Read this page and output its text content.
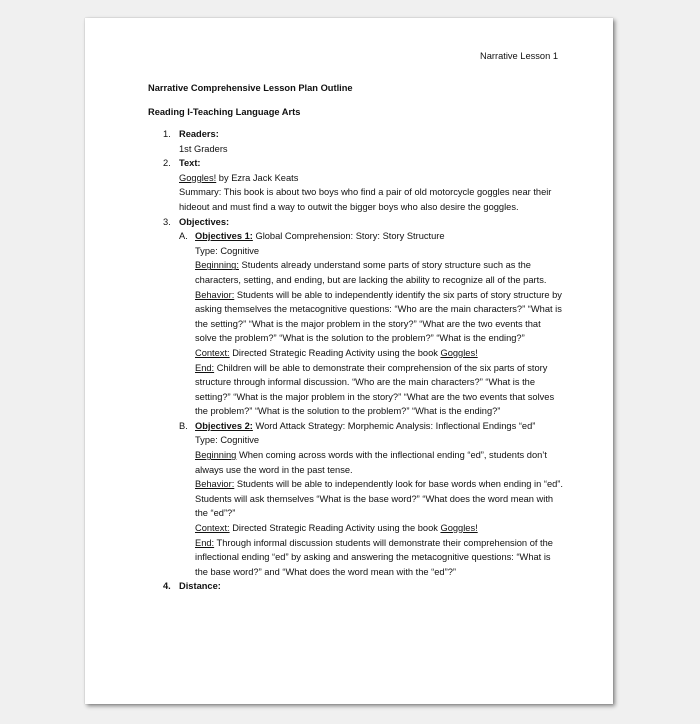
Narrative Lesson 1
Narrative Comprehensive Lesson Plan Outline
Reading I-Teaching Language Arts
1. Readers:

1st Graders

2. Text:

Goggles! by Ezra Jack Keats

Summary: This book is about two boys who find a pair of old motorcycle goggles near their hideout and must find a way to outwit the bigger boys who also desire the goggles.

3. Objectives:

A. Objectives 1: Global Comprehension: Story: Story Structure

Type: Cognitive

Beginning: Students already understand some parts of story structure such as the characters, setting, and ending, but are lacking the ability to recognize all of the parts.

Behavior: Students will be able to independently identify the six parts of story structure by asking themselves the metacognitive questions: “Who are the main characters?” “What is the setting?” “What is the major problem in the story?” “What are the two events that solve the problem?” “What is the solution to the problem?” “What is the ending?”

Context: Directed Strategic Reading Activity using the book Goggles!

End: Children will be able to demonstrate their comprehension of the six parts of story structure through informal discussion. “Who are the main characters?” “What is the setting?” “What is the major problem in the story?” “What are the two events that solves the problem?” “What is the solution to the problem?” “What is the ending?”

B. Objectives 2: Word Attack Strategy: Morphemic Analysis: Inflectional Endings “ed”

Type: Cognitive

Beginning When coming across words with the inflectional ending “ed”, students don’t always use the word in the past tense.

Behavior: Students will be able to independently look for base words when ending in “ed”. Students will ask themselves “What is the base word?” “What does the word mean with the “ed”?”

Context: Directed Strategic Reading Activity using the book Goggles!

End: Through informal discussion students will demonstrate their comprehension of the inflectional ending “ed” by asking and answering the metacognitive questions: “What is the base word?” and “What does the word mean with the “ed”?”

4. Distance:
